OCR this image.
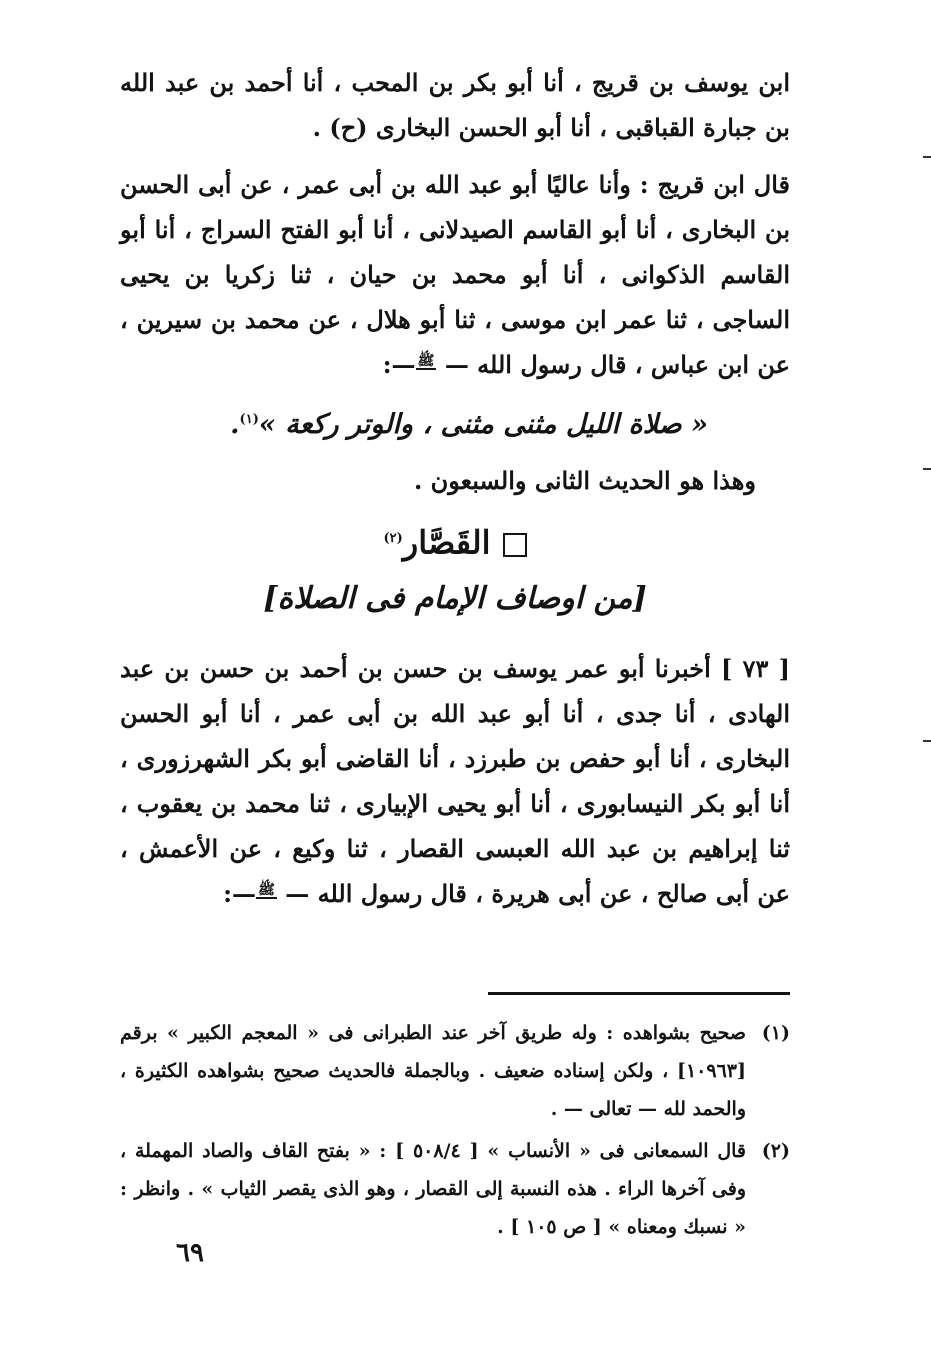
ابن يوسف بن قريج ، أنا أبو بكر بن المحب ، أنا أحمد بن عبد الله بن جبارة القباقبى ، أنا أبو الحسن البخارى (ح) .

قال ابن قريج : وأنا عاليًا أبو عبد الله بن أبى عمر ، عن أبى الحسن بن البخارى ، أنا أبو القاسم الصيدلانى ، أنا أبو الفتح السراج ، أنا أبو القاسم الذكوانى ، أنا أبو محمد بن حيان ، ثنا زكريا بن يحيى الساجى ، ثنا عمر ابن موسى ، ثنا أبو هلال ، عن محمد بن سيرين ، عن ابن عباس ، قال رسول الله — ﷺ—:

« صلاة الليل مثنى مثنى ، والوتر ركعة »$^{(١)}$.
وهذا هو الحديث الثانى والسبعون .
القَصَّار$^{(٢)}$
[من اوصاف الإمام فى الصلاة]

[ ٧٣ ] أخبرنا أبو عمر يوسف بن حسن بن أحمد بن حسن بن عبد الهادى ، أنا جدى ، أنا أبو عبد الله بن أبى عمر ، أنا أبو الحسن البخارى ، أنا أبو حفص بن طبرزد ، أنا القاضى أبو بكر الشهرزورى ، أنا أبو بكر النيسابورى ، أنا أبو يحيى الإبيارى ، ثنا محمد بن يعقوب ، ثنا إبراهيم بن عبد الله العبسى القصار ، ثنا وكيع ، عن الأعمش ، عن أبى صالح ، عن أبى هريرة ، قال رسول الله — ﷺ—:

(١)
صحيح بشواهده : وله طريق آخر عند الطبرانى فى « المعجم الكبير » برقم [١٠٩٦٣] ، ولكن إسناده ضعيف . وبالجملة فالحديث صحيح بشواهده الكثيرة ، والحمد لله — تعالى — .
(٢)
قال السمعانى فى « الأنساب » [ ٥٠٨/٤ ] : « بفتح القاف والصاد المهملة ، وفى آخرها الراء . هذه النسبة إلى القصار ، وهو الذى يقصر الثياب » . وانظر : « نسبك ومعناه » [ ص ١٠٥ ] .
٦٩
